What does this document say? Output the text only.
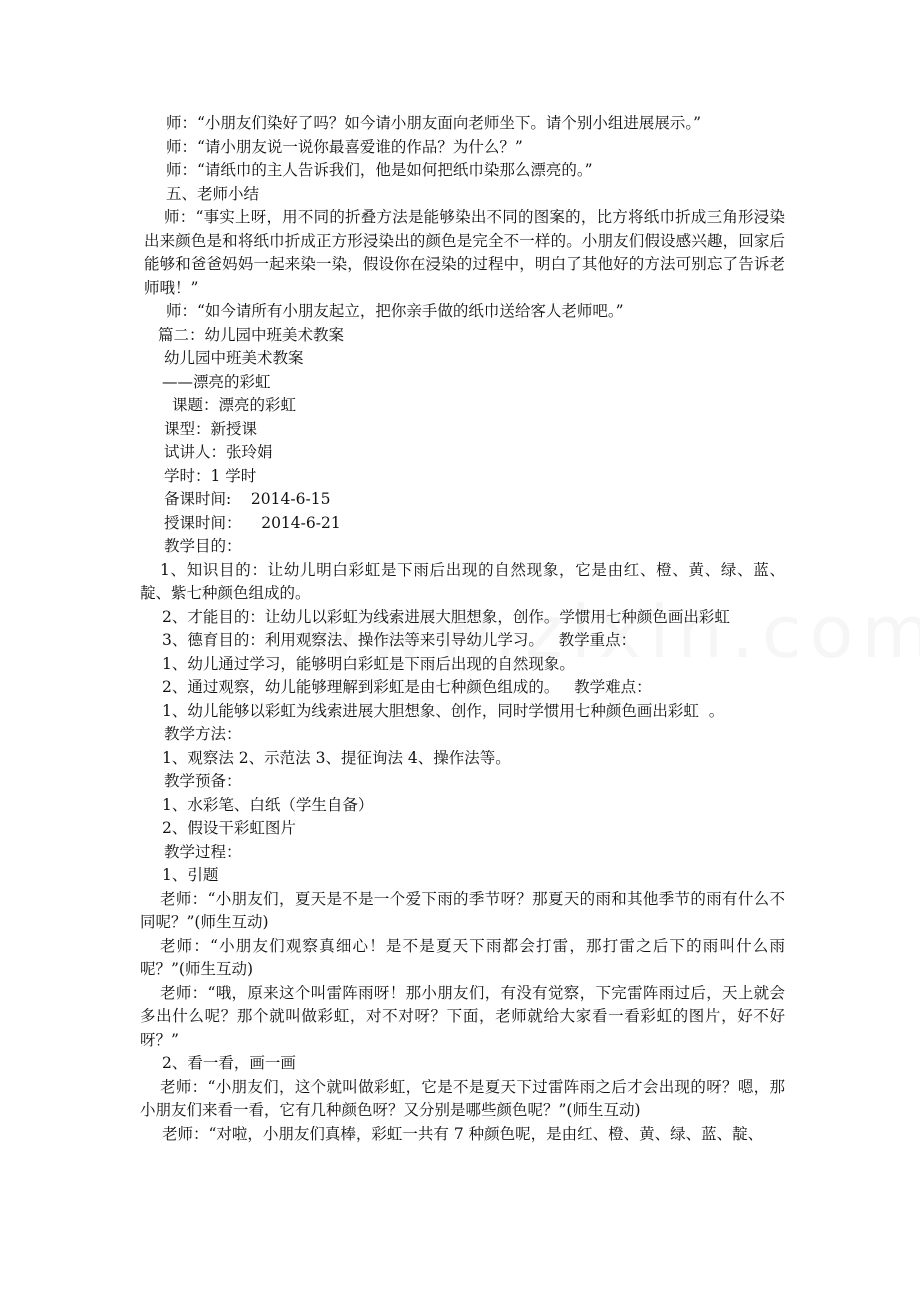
师：“小朋友们染好了吗？如今请小朋友面向老师坐下。请个别小组进展展示。”

师：“请小朋友说一说你最喜爱谁的作品？为什么？”

师：“请纸巾的主人告诉我们，他是如何把纸巾染那么漂亮的。”

五、老师小结

师：“事实上呀，用不同的折叠方法是能够染出不同的图案的，比方将纸巾折成三角形浸染出来颜色是和将纸巾折成正方形浸染出的颜色是完全不一样的。小朋友们假设感兴趣，回家后能够和爸爸妈妈一起来染一染，假设你在浸染的过程中，明白了其他好的方法可别忘了告诉老师哦！”

师：“如今请所有小朋友起立，把你亲手做的纸巾送给客人老师吧。”

篇二：幼儿园中班美术教案

幼儿园中班美术教案

——漂亮的彩虹

课题：漂亮的彩虹

课型：新授课

试讲人：张玲娟

学时：1 学时

备课时间:    2014-6-15

授课时间：    2014-6-21

教学目的：

1、知识目的：让幼儿明白彩虹是下雨后出现的自然现象，它是由红、橙、黄、绿、蓝、靛、紫七种颜色组成的。

2、才能目的：让幼儿以彩虹为线索进展大胆想象，创作。学惯用七种颜色画出彩虹

3、德育目的：利用观察法、操作法等来引导幼儿学习。   教学重点：

1、幼儿通过学习，能够明白彩虹是下雨后出现的自然现象。

2、通过观察，幼儿能够理解到彩虹是由七种颜色组成的。   教学难点：

1、幼儿能够以彩虹为线索进展大胆想象、创作，同时学惯用七种颜色画出彩虹  。

教学方法：

1、观察法 2、示范法 3、提征询法 4、操作法等。

教学预备：

1、水彩笔、白纸（学生自备）

2、假设干彩虹图片

教学过程：

1、引题

老师：“小朋友们，夏天是不是一个爱下雨的季节呀？那夏天的雨和其他季节的雨有什么不同呢？”(师生互动)

老师：“小朋友们观察真细心！是不是夏天下雨都会打雷，那打雷之后下的雨叫什么雨呢？”(师生互动)

老师：“哦，原来这个叫雷阵雨呀！那小朋友们，有没有觉察，下完雷阵雨过后，天上就会多出什么呢？那个就叫做彩虹，对不对呀？下面，老师就给大家看一看彩虹的图片，好不好呀？”

2、看一看，画一画

老师：“小朋友们，这个就叫做彩虹，它是不是夏天下过雷阵雨之后才会出现的呀？嗯，那小朋友们来看一看，它有几种颜色呀？又分别是哪些颜色呢？”(师生互动)

老师：“对啦，小朋友们真棒，彩虹一共有 7 种颜色呢，是由红、橙、黄、绿、蓝、靛、
